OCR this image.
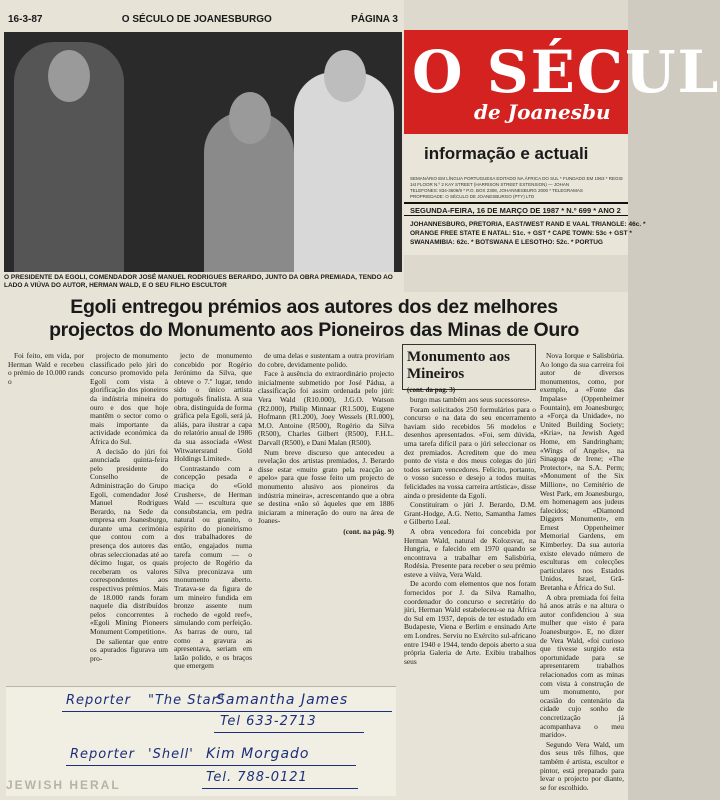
16-3-87	O SÉCULO DE JOANESBURGO	PÁGINA 3
O PRESIDENTE DA EGOLI, COMENDADOR JOSÉ MANUEL RODRIGUES BERARDO, JUNTO DA OBRA PREMIADA, TENDO AO LADO A VIÚVA DO AUTOR, HERMAN WALD, E O SEU FILHO ESCULTOR
O SÉCUL
de Joanesbu
informação e actuali
SEMANÁRIO EM LÍNGUA PORTUGUESA EDITADO NA ÁFRICA DO SUL * FUNDADO EM 1963 * REGIS
1st FLOOR N.º 2 KAY STREET (HARRISON STREET EXTENSION) — JOHAN
TELEFONES: 834-3606/9 * P.O. BOX 2308, JOHANNESBURG 2000 * TELEGRAMAS
PROPRIEDADE: O SÉCULO DE JOANESBURGO (PTY) LTD
SEGUNDA-FEIRA, 16 DE MARÇO DE 1987 * N.º 699 * ANO 2
JOHANNESBURG, PRETORIA, EAST/WEST RAND E VAAL TRIANGLE: 46c. *
ORANGE FREE STATE E NATAL: 51c. + GST * CAPE TOWN: 53c + GST *
SWANAMIBIA: 62c. * BOTSWANA E LESOTHO: 52c. * PORTUG
Egoli entregou prémios aos autores dos dez melhores
projectos do Monumento aos Pioneiros das Minas de Ouro

Foi feito, em vida, por Herman Wald e recebeu o prémio de 10.000 rands o

projecto de monumento classificado pelo júri do concurso promovido pela Egoli com vista à glorificação dos pioneiros da indústria mineira do ouro e dos que hoje mantêm o sector como o mais importante da actividade económica da África do Sul.

A decisão do júri foi anunciada quinta-feira pelo presidente do Conselho de Administração do Grupo Egoli, comendador José Manuel Rodrigues Berardo, na Sede da empresa em Joanesburgo, durante uma cerimónia que contou com a presença dos autores das obras seleccionadas até ao décimo lugar, os quais receberam os valores correspondentes aos respectivos prémios. Mais de 18.000 rands foram naquele dia distribuídos pelos concorrentes à «Egoli Mining Pioneers Monument Competition».

De salientar que entre os apurados figurava um pro-

jecto de monumento concebido por Rogério Jerónimo da Silva, que obteve o 7.º lugar, tendo sido o único artista português finalista. A sua obra, distinguida de forma gráfica pela Egoli, será já, aliás, para ilustrar a capa do relatório anual de 1986 da sua associada «West Witwatersrand Gold Holdings Limited».

Contrastando com a concepção pesada e maciça do «Gold Crushers», de Herman Wald — escultura que consubstancia, em pedra natural ou granito, o espírito do pioneirismo dos trabalhadores de então, engajados numa tarefa comum — o projecto de Rogério da Silva preconizava um monumento aberto. Tratava-se da figura de um mineiro fundida em bronze assente num rochedo de «gold reef», simulando com perfeição. As barras de ouro, tal como a gravura as apresentava, seriam em latão polido, e os braços que emergem

de uma delas e sustentam a outra proviriam do cobre, devidamente polido.

Face à ausência do extraordinário projecto inicialmente submetido por José Pádua, a classificação foi assim ordenada pelo júri: Vera Wald (R10.000), J.G.O. Watson (R2.000), Philip Minnaar (R1.500), Eugene Hofmann (R1.200), Joey Wessels (R1.000), M.O. Antoine (R500), Rogério da Silva (R500), Charles Gilbert (R500), F.H.L. Darvall (R500), e Dani Malan (R500).

Num breve discurso que antecedeu a revelação dos artistas premiados, J. Berardo disse estar «muito grato pela reacção ao apelo» para que fosse feito um projecto de monumento alusivo aos pioneiros da indústria mineira», acrescentando que a obra se destina «não só àqueles que em 1886 iniciaram a mineração do ouro na área de Joanes-

(cont. na pág. 9)

burgo mas também aos seus sucessores».

Foram solicitados 250 formulários para o concurso e na data do seu encerramento haviam sido recebidos 56 modelos e desenhos apresentados. «Foi, sem dúvida, uma tarefa difícil para o júri seleccionar os dez premiados. Acreditem que do meu ponto de vista e dos meus colegas do júri todos seriam vencedores. Felicito, portanto, o vosso sucesso e desejo a todos muitas felicidades na vossa carreira artística», disse ainda o presidente da Egoli.

Constituíram o júri J. Berardo, D.M. Grant-Hodge, A.G. Netto, Samantha James e Gilberto Leal.

A obra vencedora foi concebida por Herman Wald, natural de Kolozsvar, na Hungria, e falecido em 1970 quando se encontrava a trabalhar em Salisbúria, Rodésia. Presente para receber o seu prémio esteve a viúva, Vera Wald.

De acordo com elementos que nos foram fornecidos por J. da Silva Ramalho, coordenador do concurso e secretário do júri, Herman Wald estabeleceu-se na África do Sul em 1937, depois de ter estudado em Budapeste, Viena e Berlim e ensinado Arte em Londres. Serviu no Exército sul-africano entre 1940 e 1944, tendo depois aberto a sua própria Galeria de Arte. Exibiu trabalhos seus

Nova Iorque e Salisbúria. Ao longo da sua carreira foi autor de diversos monumentos, como, por exemplo, a «Fonte das Impalas» (Oppenheimer Fountain), em Joanesburgo; a «Força da Unidade», no United Building Society; «Kria», na Jewish Aged Home, em Sandringham; «Wings of Angels», na Sinagoga de Irene; «The Protector», na S.A. Perm; «Monument of the Six Million», no Cemitério de West Park, em Joanesburgo, em homenagem aos judeus falecidos; «Diamond Diggers Monument», em Ernest Oppenheimer Memorial Gardens, em Kimberley. Da sua autoria existe elevado número de esculturas em colecções particulares nos Estados Unidos, Israel, Grã-Bretanha e África do Sul.

A obra premiada foi feita há anos atrás e na altura o autor confidenciou à sua mulher que «isto é para Joanesburgo». E, no dizer de Vera Wald, «foi curioso que tivesse surgido esta oportunidade para se apresentarem trabalhos relacionados com as minas com vista à construção de um monumento, por ocasião do centenário da cidade cujo sonho de concretização já acompanhava o meu marido».

Segundo Vera Wald, um dos seus três filhos, que também é artista, escultor e pintor, está preparado para levar o projecto por diante, se for escolhido.

Monumento aos Mineiros
(cont. da pag. 3)
Reporter "The Star"
Samantha James
Tel 633-2713
Reporter 'Shell' Kim Morgado
Tel. 788-0121
JEWISH HERAL
